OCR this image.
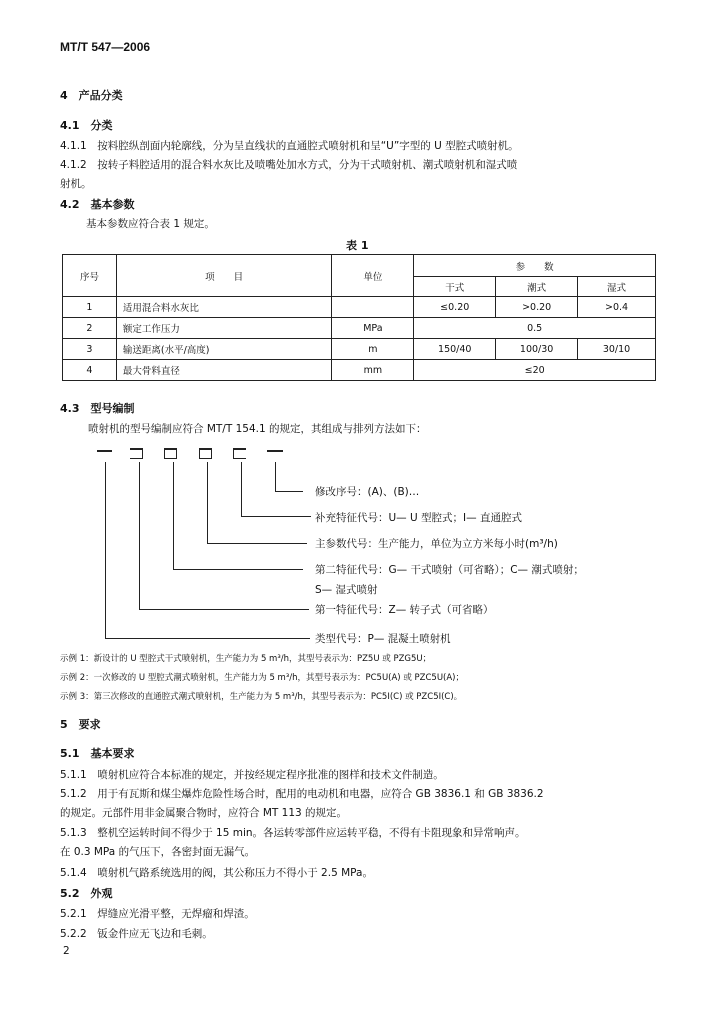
MT/T 547—2006
4　产品分类
4.1　分类
4.1.1　按料腔纵剖面内轮廓线，分为呈直线状的直通腔式喷射机和呈“U”字型的 U 型腔式喷射机。
4.1.2　按转子料腔适用的混合料水灰比及喷嘴处加水方式，分为干式喷射机、潮式喷射机和湿式喷
射机。
4.2　基本参数
基本参数应符合表 1 规定。
表 1
序号	项　　目	单位	参　　数		
			干式	潮式	湿式
1	适用混合料水灰比		≤0.20	>0.20	>0.4
2	额定工作压力	MPa	0.5		
3	输送距离(水平/高度)	m	150/40	100/30	30/10
4	最大骨料直径	mm	≤20		
4.3　型号编制
喷射机的型号编制应符合 MT/T 154.1 的规定，其组成与排列方法如下：
修改序号：(A)、(B)…
补充特征代号：U— U 型腔式；I— 直通腔式
主参数代号：生产能力，单位为立方米每小时(m³/h)
第二特征代号：G— 干式喷射（可省略）；C— 潮式喷射；
S— 湿式喷射
第一特征代号：Z— 转子式（可省略）
类型代号：P— 混凝土喷射机
示例 1：新设计的 U 型腔式干式喷射机，生产能力为 5 m³/h，其型号表示为：PZ5U 或 PZG5U；
示例 2：一次修改的 U 型腔式潮式喷射机，生产能力为 5 m³/h，其型号表示为：PC5U(A) 或 PZC5U(A)；
示例 3：第三次修改的直通腔式潮式喷射机，生产能力为 5 m³/h，其型号表示为：PC5I(C) 或 PZC5I(C)。
5　要求
5.1　基本要求
5.1.1　喷射机应符合本标准的规定，并按经规定程序批准的图样和技术文件制造。
5.1.2　用于有瓦斯和煤尘爆炸危险性场合时，配用的电动机和电器，应符合 GB 3836.1 和 GB 3836.2
的规定。元部件用非金属聚合物时，应符合 MT 113 的规定。
5.1.3　整机空运转时间不得少于 15 min。各运转零部件应运转平稳，不得有卡阻现象和异常响声。
在 0.3 MPa 的气压下，各密封面无漏气。
5.1.4　喷射机气路系统选用的阀，其公称压力不得小于 2.5 MPa。
5.2　外观
5.2.1　焊缝应光滑平整，无焊瘤和焊渣。
5.2.2　钣金件应无飞边和毛刺。
2
